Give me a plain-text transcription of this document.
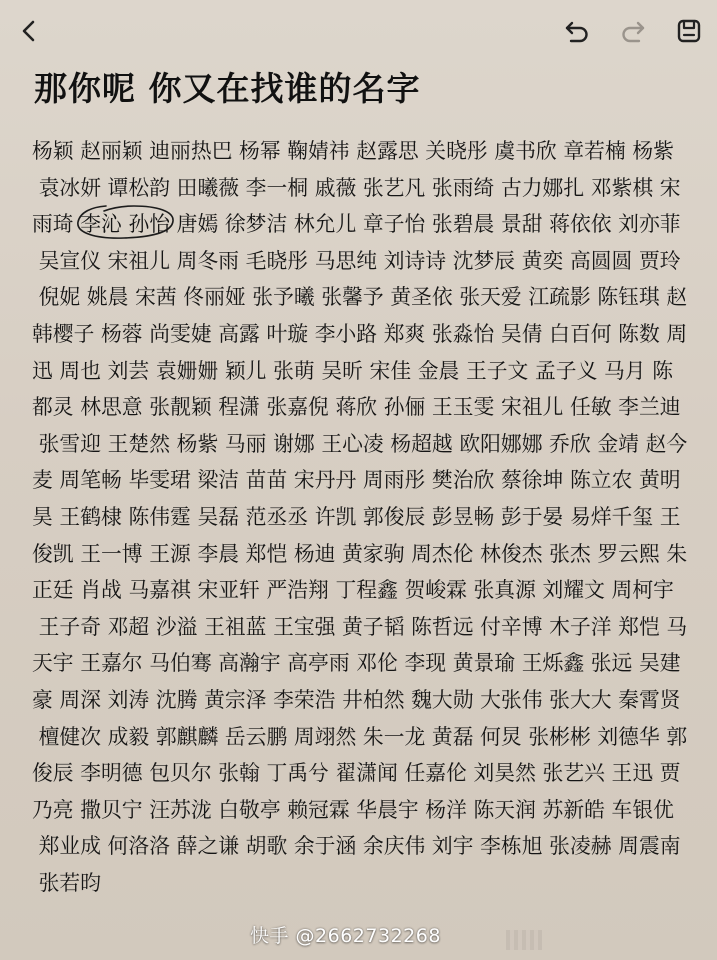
那你呢 你又在找谁的名字
杨颖 赵丽颖 迪丽热巴 杨幂 鞠婧祎 赵露思 关晓彤 虞书欣 章若楠 杨紫 袁冰妍 谭松韵 田曦薇 李一桐 戚薇 张艺凡 张雨绮 古力娜扎 邓紫棋 宋雨琦 李沁 孙怡 唐嫣 徐梦洁 林允儿 章子怡 张碧晨 景甜 蒋依依 刘亦菲 吴宣仪 宋祖儿 周冬雨 毛晓彤 马思纯 刘诗诗 沈梦辰 黄奕 高圆圆 贾玲 倪妮 姚晨 宋茜 佟丽娅 张予曦 张馨予 黄圣依 张天爱 江疏影 陈钰琪 赵韩樱子 杨蓉 尚雯婕 高露 叶璇 李小路 郑爽 张淼怡 吴倩 白百何 陈数 周迅 周也 刘芸 袁姗姗 颖儿 张萌 吴昕 宋佳 金晨 王子文 孟子义 马月 陈都灵 林思意 张靓颖 程潇 张嘉倪 蒋欣 孙俪 王玉雯 宋祖儿 任敏 李兰迪 张雪迎 王楚然 杨紫 马丽 谢娜 王心凌 杨超越 欧阳娜娜 乔欣 金靖 赵今麦 周笔畅 毕雯珺 梁洁 苗苗 宋丹丹 周雨彤 樊治欣 蔡徐坤 陈立农 黄明昊 王鹤棣 陈伟霆 吴磊 范丞丞 许凯 郭俊辰 彭昱畅 彭于晏 易烊千玺 王俊凯 王一博 王源 李晨 郑恺 杨迪 黄家驹 周杰伦 林俊杰 张杰 罗云熙 朱正廷 肖战 马嘉祺 宋亚轩 严浩翔 丁程鑫 贺峻霖 张真源 刘耀文 周柯宇 王子奇 邓超 沙溢 王祖蓝 王宝强 黄子韬 陈哲远 付辛博 木子洋 郑恺 马天宇 王嘉尔 马伯骞 高瀚宇 高亭雨 邓伦 李现 黄景瑜 王烁鑫 张远 吴建豪 周深 刘涛 沈腾 黄宗泽 李荣浩 井柏然 魏大勋 大张伟 张大大 秦霄贤 檀健次 成毅 郭麒麟 岳云鹏 周翊然 朱一龙 黄磊 何炅 张彬彬 刘德华 郭俊辰 李明德 包贝尔 张翰 丁禹兮 翟潇闻 任嘉伦 刘昊然 张艺兴 王迅 贾乃亮 撒贝宁 汪苏泷 白敬亭 赖冠霖 华晨宇 杨洋 陈天润 苏新皓 车银优 郑业成 何洛洛 薛之谦 胡歌 余于涵 余庆伟 刘宇 李栋旭 张凌赫 周震南 张若昀
快手 @2662732268
